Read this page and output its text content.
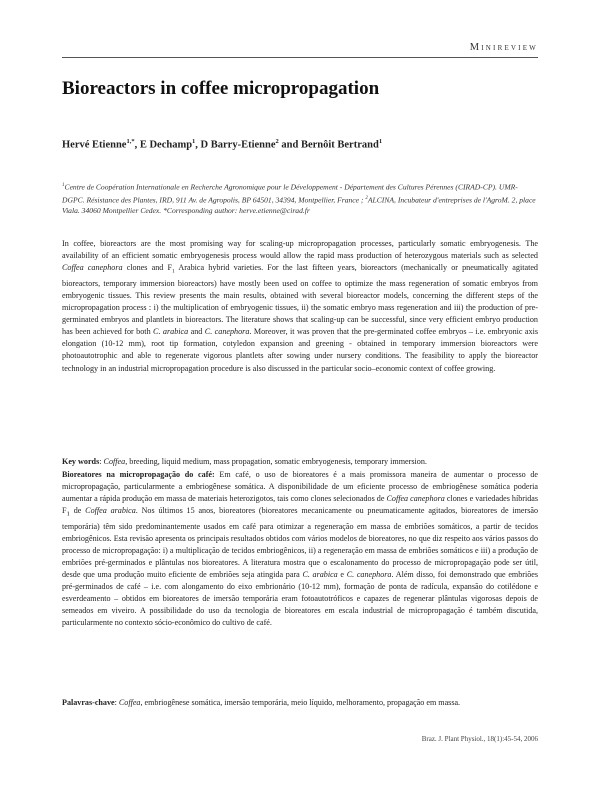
Minireview
Bioreactors in coffee micropropagation
Hervé Etienne$^{1,*}$, E Dechamp$^1$, D Barry-Etienne$^2$ and Bernôit Bertrand$^1$
$^1$Centre de Coopération Internationale en Recherche Agronomique pour le Développement - Département des Cultures Pérennes (CIRAD-CP). UMR-DGPC. Résistance des Plantes, IRD, 911 Av. de Agropolis, BP 64501, 34394, Montpellier, France ; $^2$ALCINA, Incubateur d'entreprises de l'AgroM. 2, place Viala. 34060 Montpellier Cedex. *Corresponding author: herve.etienne@cirad.fr

In coffee, bioreactors are the most promising way for scaling-up micropropagation processes, particularly somatic embryogenesis. The availability of an efficient somatic embryogenesis process would allow the rapid mass production of heterozygous materials such as selected Coffea canephora clones and $F_1$ Arabica hybrid varieties. For the last fifteen years, bioreactors (mechanically or pneumatically agitated bioreactors, temporary immersion bioreactors) have mostly been used on coffee to optimize the mass regeneration of somatic embryos from embryogenic tissues. This review presents the main results, obtained with several bioreactor models, concerning the different steps of the micropropagation process : i) the multiplication of embryogenic tissues, ii) the somatic embryo mass regeneration and iii) the production of pre-germinated embryos and plantlets in bioreactors. The literature shows that scaling-up can be successful, since very efficient embryo production has been achieved for both C. arabica and C. canephora. Moreover, it was proven that the pre-germinated coffee embryos – i.e. embryonic axis elongation (10-12 mm), root tip formation, cotyledon expansion and greening - obtained in temporary immersion bioreactors were photoautotrophic and able to regenerate vigorous plantlets after sowing under nursery conditions. The feasibility to apply the bioreactor technology in an industrial micropropagation procedure is also discussed in the particular socio–economic context of coffee growing.

Key words: Coffea, breeding, liquid medium, mass propagation, somatic embryogenesis, temporary immersion.

Bioreatores na micropropagação do café: Em café, o uso de bioreatores é a mais promissora maneira de aumentar o processo de micropropagação, particularmente a embriogênese somática. A disponibilidade de um eficiente processo de embriogênese somática poderia aumentar a rápida produção em massa de materiais heterozigotos, tais como clones selecionados de Coffea canephora clones e variedades híbridas $F_1$ de Coffea arabica. Nos últimos 15 anos, bioreatores (bioreatores mecanicamente ou pneumaticamente agitados, bioreatores de imersão temporária) têm sido predominantemente usados em café para otimizar a regeneração em massa de embriões somáticos, a partir de tecidos embriogênicos. Esta revisão apresenta os principais resultados obtidos com vários modelos de bioreatores, no que diz respeito aos vários passos do processo de micropropagação: i) a multiplicação de tecidos embriogênicos, ii) a regeneração em massa de embriões somáticos e iii) a produção de embriões pré-germinados e plântulas nos bioreatores. A literatura mostra que o escalonamento do processo de micropropagação pode ser útil, desde que uma produção muito eficiente de embriões seja atingida para C. arabica e C. canephora. Além disso, foi demonstrado que embriões pré-germinados de café – i.e. com alongamento do eixo embrionário (10-12 mm), formação de ponta de radícula, expansão do cotilédone e esverdeamento – obtidos em bioreatores de imersão temporária eram fotoautotróficos e capazes de regenerar plântulas vigorosas depois de semeados em viveiro. A possibilidade do uso da tecnologia de bioreatores em escala industrial de micropropagação é também discutida, particularmente no contexto sócio-econômico do cultivo de café.

Palavras-chave: Coffea, embriogênese somática, imersão temporária, meio líquido, melhoramento, propagação em massa.
Braz. J. Plant Physiol., 18(1):45-54, 2006
